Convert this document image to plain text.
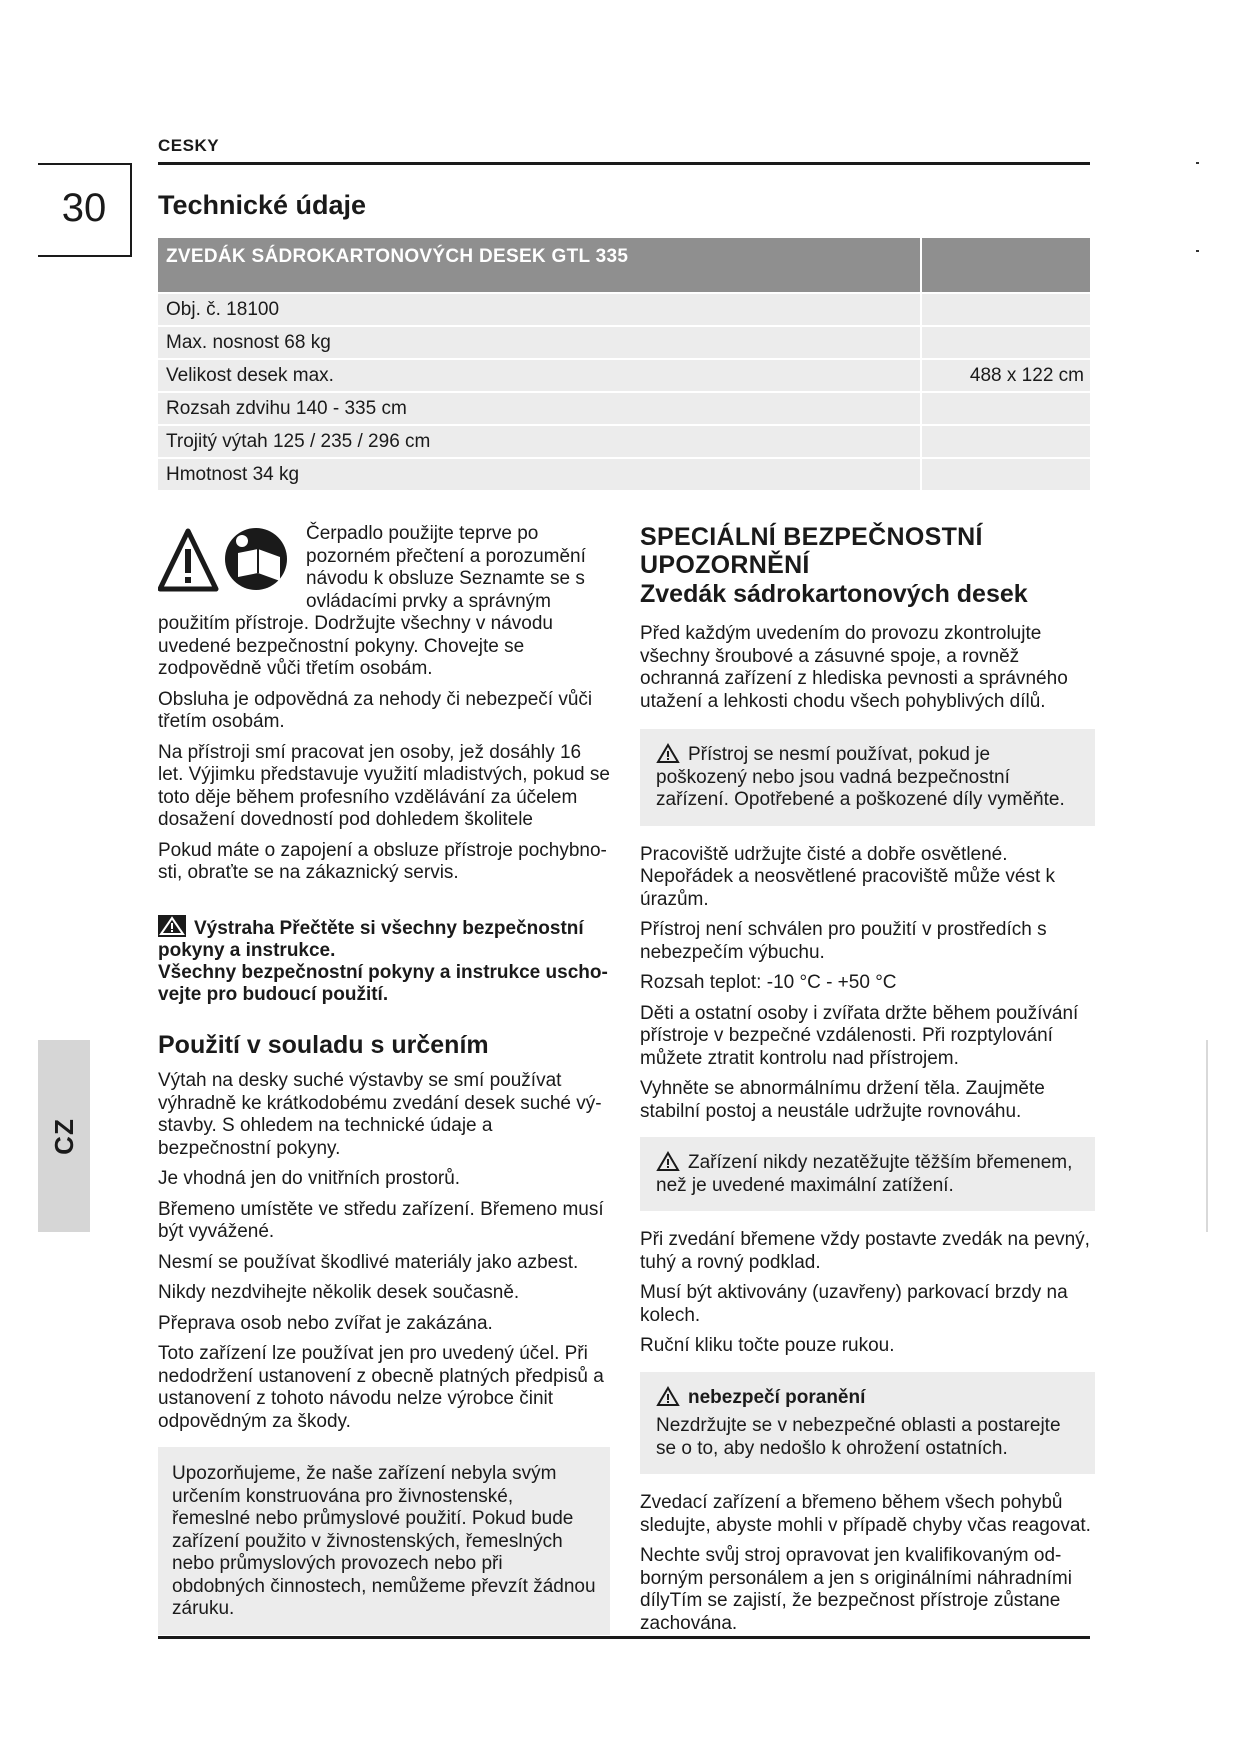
CESKY
30	Technické údaje
ZVEDÁK SÁDROKARTONOVÝCH DESEK GTL 335
Obj. č. 18100
Max. nosnost 68 kg
Velikost desek max.	488 x 122 cm
Rozsah zdvihu 140 - 335 cm
Trojitý výtah 125 / 235 / 296 cm
Hmotnost 34 kg

Čerpadlo použijte teprve po pozorném přečtení a porozumění návodu k obsluze Seznamte se s ovládacími prvky a správným použitím přístroje. Dodržujte všechny v návodu uvedené bezpečnostní pokyny. Chovejte se zodpovědně vůči třetím osobám.

Obsluha je odpovědná za nehody či nebezpečí vůči třetím osobám.

Na přístroji smí pracovat jen osoby, jež dosáhly 16 let. Výjimku představuje využití mladistvých, pokud se toto děje během profesního vzdělávání za účelem dosažení dovedností pod dohledem školitele

Pokud máte o zapojení a obsluze přístroje pochybno-sti, obraťte se na zákaznický servis.

Výstraha Přečtěte si všechny bezpečnostní pokyny a instrukce.
Všechny bezpečnostní pokyny a instrukce uscho-vejte pro budoucí použití.

Použití v souladu s určením

Výtah na desky suché výstavby se smí používat výhradně ke krátkodobému zvedání desek suché vý-stavby. S ohledem na technické údaje a bezpečnostní pokyny.

Je vhodná jen do vnitřních prostorů.

Břemeno umístěte ve středu zařízení. Břemeno musí být vyvážené.

Nesmí se používat škodlivé materiály jako azbest.

Nikdy nezdvihejte několik desek současně.

Přeprava osob nebo zvířat je zakázána.

Toto zařízení lze používat jen pro uvedený účel. Při nedodržení ustanovení z obecně platných předpisů a ustanovení z tohoto návodu nelze výrobce činit odpovědným za škody.

Upozorňujeme, že naše zařízení nebyla svým určením konstruována pro živnostenské, řemeslné nebo průmyslové použití. Pokud bude zařízení použito v živnostenských, řemeslných nebo průmyslových provozech nebo při obdobných činnostech, nemůžeme převzít žádnou záruku.

SPECIÁLNÍ BEZPEČNOSTNÍ UPOZORNĚNÍ

Zvedák sádrokartonových desek

Před každým uvedením do provozu zkontrolujte všechny šroubové a zásuvné spoje, a rovněž ochranná zařízení z hlediska pevnosti a správného utažení a lehkosti chodu všech pohyblivých dílů.

Přístroj se nesmí používat, pokud je poškozený nebo jsou vadná bezpečnostní zařízení. Opotřebené a poškozené díly vyměňte.

Pracoviště udržujte čisté a dobře osvětlené. Nepořádek a neosvětlené pracoviště může vést k úrazům.

Přístroj není schválen pro použití v prostředích s nebezpečím výbuchu.

Rozsah teplot: -10 °C - +50 °C

Děti a ostatní osoby i zvířata držte během používání přístroje v bezpečné vzdálenosti. Při rozptylování můžete ztratit kontrolu nad přístrojem.

Vyhněte se abnormálnímu držení těla. Zaujměte stabilní postoj a neustále udržujte rovnováhu.

Zařízení nikdy nezatěžujte těžším břemenem, než je uvedené maximální zatížení.

Při zvedání břemene vždy postavte zvedák na pevný, tuhý a rovný podklad.

Musí být aktivovány (uzavřeny) parkovací brzdy na kolech.

Ruční kliku točte pouze rukou.

nebezpečí poranění

Nezdržujte se v nebezpečné oblasti a postarejte se o to, aby nedošlo k ohrožení ostatních.

Zvedací zařízení a břemeno během všech pohybů sledujte, abyste mohli v případě chyby včas reagovat.

Nechte svůj stroj opravovat jen kvalifikovaným od-borným personálem a jen s originálními náhradními dílyTím se zajistí, že bezpečnost přístroje zůstane zachována.

CZ
